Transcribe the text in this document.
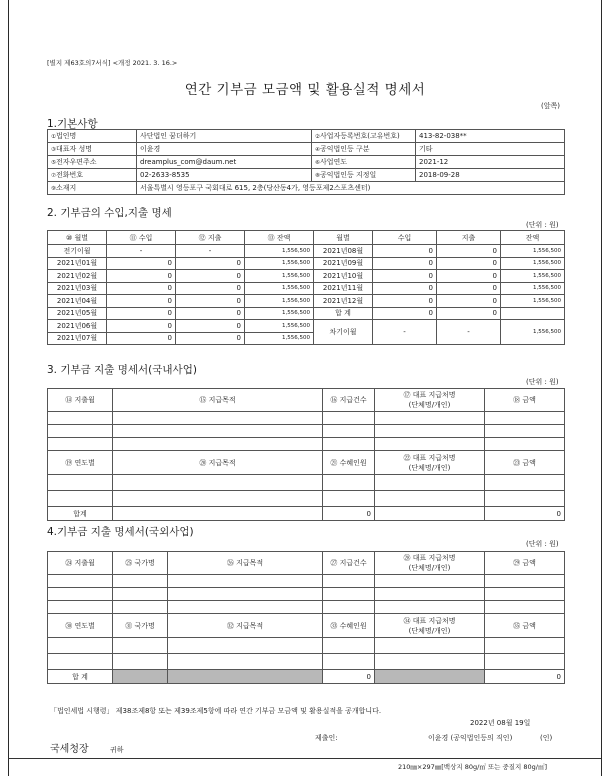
[별지 제63호의7서식] <개정 2021. 3. 16.>
연간 기부금 모금액 및 활용실적 명세서
(앞쪽)
1.기본사항
①법인명	사단법인 꿈더하기	②사업자등록번호(고유번호)	413-82-038**
③대표자 성명	이윤경	④공익법인등 구분	기타
⑤전자우편주소	dreamplus_com@daum.net	⑥사업연도	2021-12
⑦전화번호	02-2633-8535	⑧공익법인등 지정일	2018-09-28
⑨소재지	서울특별시 영등포구 국회대로 615, 2층(당산동4가, 영등포제2스포츠센터)		
2. 기부금의 수입,지출 명세
(단위 : 원)
⑩ 월별	⑪ 수입	⑫ 지출	⑬ 잔액	월별	수입	지출	잔액
전기이월	-	-	1,556,500	2021년08월	0	0	1,556,500
2021년01월	0	0	1,556,500	2021년09월	0	0	1,556,500
2021년02월	0	0	1,556,500	2021년10월	0	0	1,556,500
2021년03월	0	0	1,556,500	2021년11월	0	0	1,556,500
2021년04월	0	0	1,556,500	2021년12월	0	0	1,556,500
2021년05월	0	0	1,556,500	합 계	0	0	
2021년06월	0	0	1,556,500	차기이월	-	-	1,556,500
2021년07월	0	0	1,556,500				
3. 기부금 지출 명세서(국내사업)
(단위 : 원)
⑭ 지출월	⑮ 지급목적	⑯ 지급건수	⑰ 대표 지급처명
(단체명/개인)	⑱ 금액

⑲ 연도별	⑳ 지급목적	㉑ 수혜인원	㉒ 대표 지급처명
(단체명/개인)	㉓ 금액

합계		0		0
4.기부금 지출 명세서(국외사업)
(단위 : 원)
㉔ 지출월	㉕ 국가명	㉖ 지급목적	㉗ 지급건수	㉘ 대표 지급처명
(단체명/개인)	㉙ 금액

㉚ 연도별	㉛ 국가명	㉜ 지급목적	㉝ 수혜인원	㉞ 대표 지급처명
(단체명/개인)	㉟ 금액

합 계			0		0
「법인세법 시행령」 제38조제8항 또는 제39조제5항에 따라 연간 기부금 모금액 및 활용실적을 공개합니다.
2022년 08월 19일
제출인:	이윤경 (공익법인등의 직인)	(인)
국세청장	귀하
210㎜×297㎜[백상지 80g/㎡ 또는 중질지 80g/㎡]
